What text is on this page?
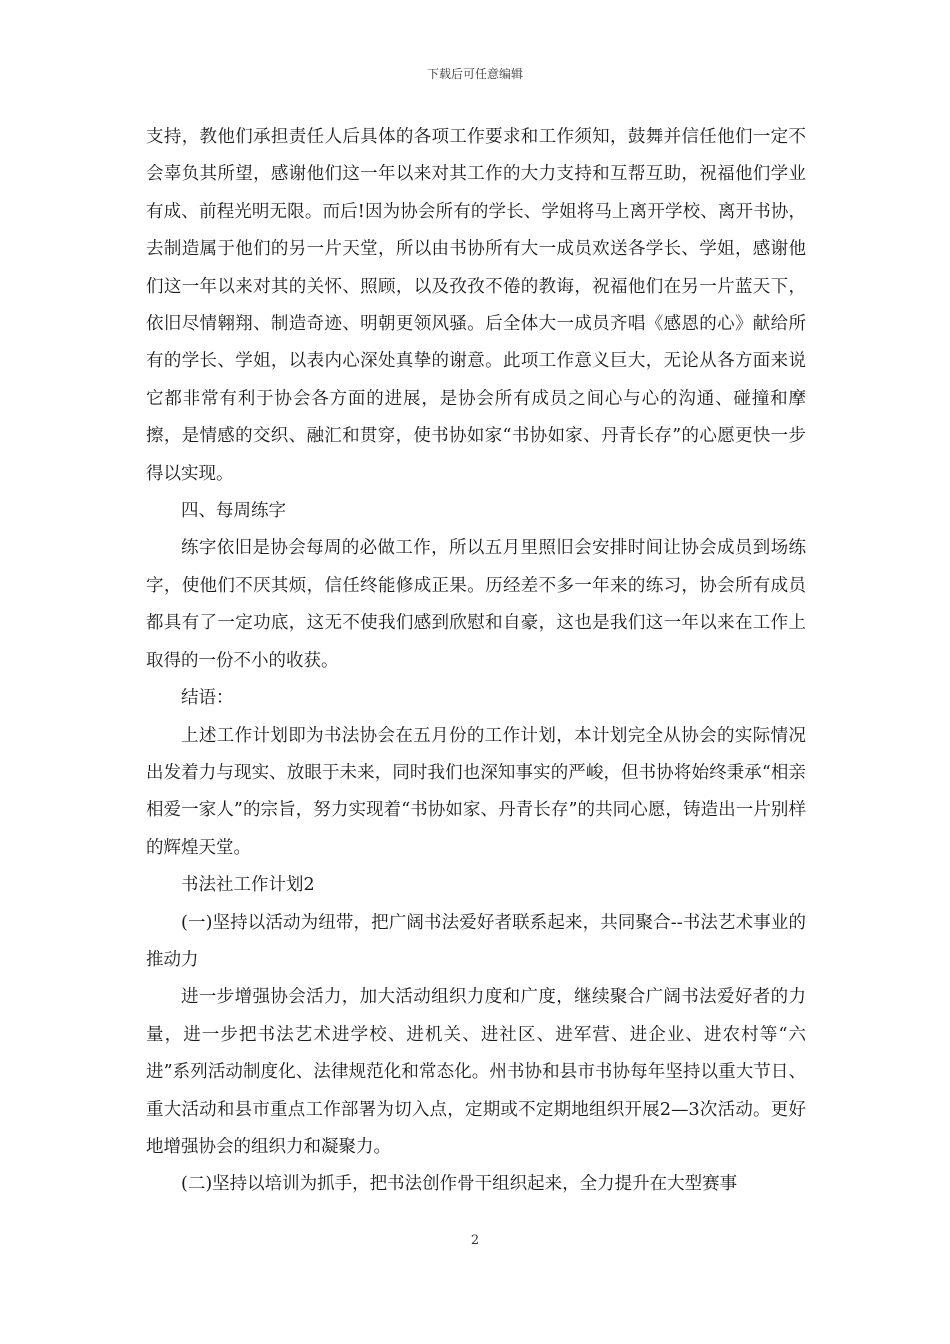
下载后可任意编辑

支持，教他们承担责任人后具体的各项工作要求和工作须知，鼓舞并信任他们一定不会辜负其所望，感谢他们这一年以来对其工作的大力支持和互帮互助，祝福他们学业有成、前程光明无限。而后!因为协会所有的学长、学姐将马上离开学校、离开书协，去制造属于他们的另一片天堂，所以由书协所有大一成员欢送各学长、学姐，感谢他们这一年以来对其的关怀、照顾，以及孜孜不倦的教诲，祝福他们在另一片蓝天下，依旧尽情翱翔、制造奇迹、明朝更领风骚。后全体大一成员齐唱《感恩的心》献给所有的学长、学姐，以表内心深处真挚的谢意。此项工作意义巨大，无论从各方面来说它都非常有利于协会各方面的进展，是协会所有成员之间心与心的沟通、碰撞和摩擦，是情感的交织、融汇和贯穿，使书协如家“书协如家、丹青长存”的心愿更快一步得以实现。

四、每周练字

练字依旧是协会每周的必做工作，所以五月里照旧会安排时间让协会成员到场练字，使他们不厌其烦，信任终能修成正果。历经差不多一年来的练习，协会所有成员都具有了一定功底，这无不使我们感到欣慰和自豪，这也是我们这一年以来在工作上取得的一份不小的收获。

结语：

上述工作计划即为书法协会在五月份的工作计划，本计划完全从协会的实际情况出发着力与现实、放眼于未来，同时我们也深知事实的严峻，但书协将始终秉承“相亲相爱一家人”的宗旨，努力实现着“书协如家、丹青长存”的共同心愿，铸造出一片别样的辉煌天堂。

书法社工作计划2

(一)坚持以活动为纽带，把广阔书法爱好者联系起来，共同聚合--书法艺术事业的推动力

进一步增强协会活力，加大活动组织力度和广度，继续聚合广阔书法爱好者的力量，进一步把书法艺术进学校、进机关、进社区、进军营、进企业、进农村等“六进”系列活动制度化、法律规范化和常态化。州书协和县市书协每年坚持以重大节日、重大活动和县市重点工作部署为切入点，定期或不定期地组织开展2—3次活动。更好地增强协会的组织力和凝聚力。

(二)坚持以培训为抓手，把书法创作骨干组织起来，全力提升在大型赛事

2
